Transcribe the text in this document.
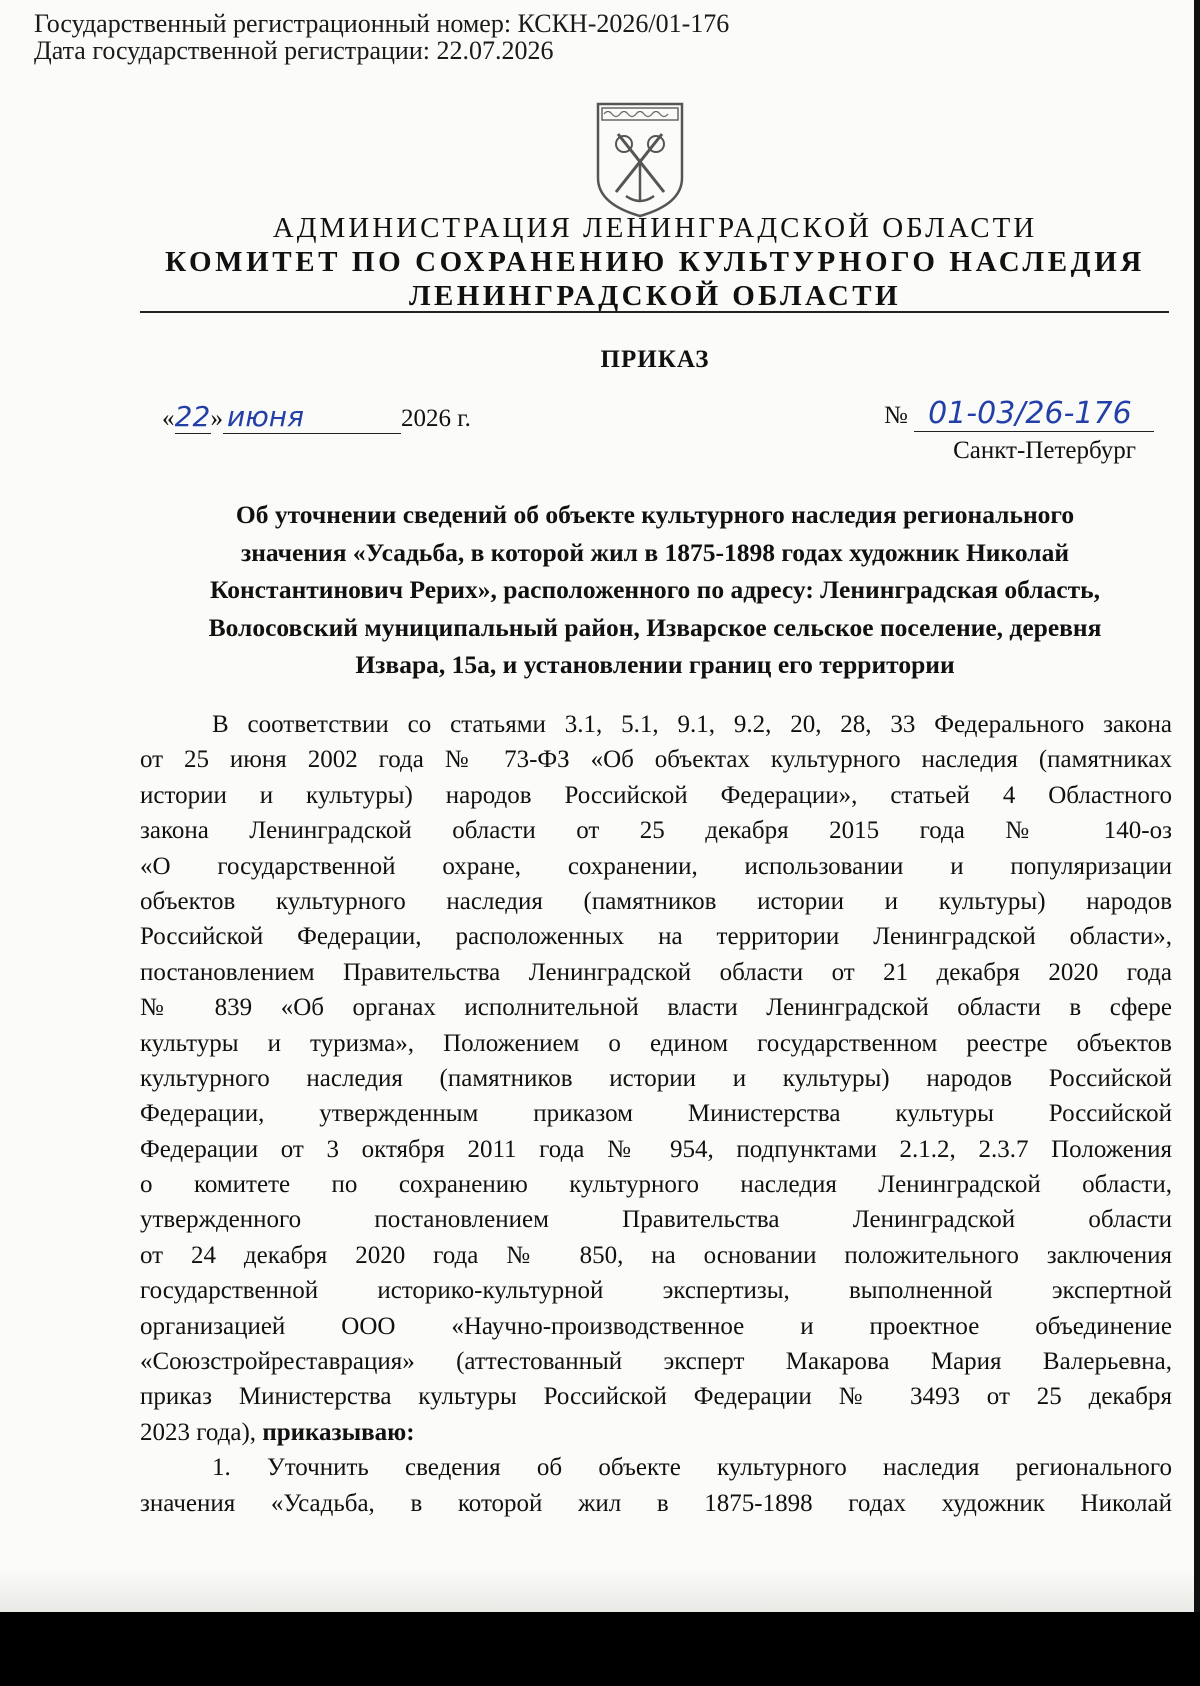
Государственный регистрационный номер: КСКН-2026/01-176
Дата государственной регистрации: 22.07.2026
АДМИНИСТРАЦИЯ ЛЕНИНГРАДСКОЙ ОБЛАСТИ
КОМИТЕТ ПО СОХРАНЕНИЮ КУЛЬТУРНОГО НАСЛЕДИЯ
ЛЕНИНГРАДСКОЙ ОБЛАСТИ
ПРИКАЗ
«22» июня	2026 г.	№ 01-03/26-176
Санкт-Петербург
Об уточнении сведений об объекте культурного наследия регионального
значения «Усадьба, в которой жил в 1875-1898 годах художник Николай
Константинович Рерих», расположенного по адресу: Ленинградская область,
Волосовский муниципальный район, Изварское сельское поселение, деревня
Извара, 15а, и установлении границ его территории
В соответствии со статьями 3.1, 5.1, 9.1, 9.2, 20, 28, 33 Федерального закона
от 25 июня 2002 года № 73-ФЗ «Об объектах культурного наследия (памятниках
истории и культуры) народов Российской Федерации», статьей 4 Областного
закона Ленинградской области от 25 декабря 2015 года № 140-оз
«О государственной охране, сохранении, использовании и популяризации
объектов культурного наследия (памятников истории и культуры) народов
Российской Федерации, расположенных на территории Ленинградской области»,
постановлением Правительства Ленинградской области от 21 декабря 2020 года
№ 839 «Об органах исполнительной власти Ленинградской области в сфере
культуры и туризма», Положением о едином государственном реестре объектов
культурного наследия (памятников истории и культуры) народов Российской
Федерации, утвержденным приказом Министерства культуры Российской
Федерации от 3 октября 2011 года № 954, подпунктами 2.1.2, 2.3.7 Положения
о комитете по сохранению культурного наследия Ленинградской области,
утвержденного постановлением Правительства Ленинградской области
от 24 декабря 2020 года № 850, на основании положительного заключения
государственной историко-культурной экспертизы, выполненной экспертной
организацией ООО «Научно-производственное и проектное объединение
«Союзстройреставрация» (аттестованный эксперт Макарова Мария Валерьевна,
приказ Министерства культуры Российской Федерации № 3493 от 25 декабря
2023 года), приказываю:
1. Уточнить сведения об объекте культурного наследия регионального
значения «Усадьба, в которой жил в 1875-1898 годах художник Николай
